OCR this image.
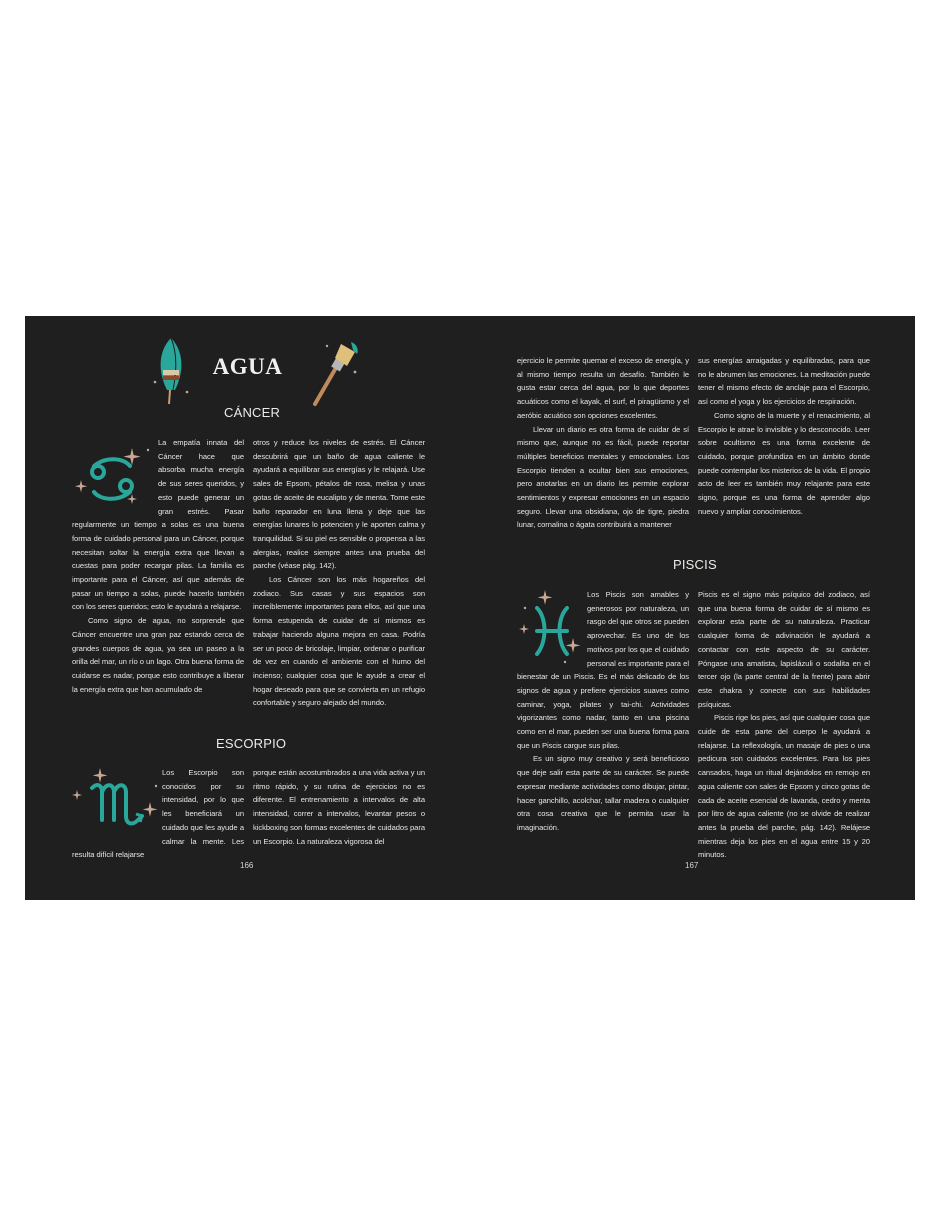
AGUA
CÁNCER

La empatía innata del Cáncer hace que absorba mucha energía de sus seres queridos, y esto puede generar un gran estrés. Pasar regularmente un tiempo a solas es una buena forma de cuidado personal para un Cáncer, porque necesitan soltar la energía extra que llevan a cuestas para poder recargar pilas. La familia es importante para el Cáncer, así que además de pasar un tiempo a solas, puede hacerlo también con los seres queridos; esto le ayudará a relajarse.

Como signo de agua, no sorprende que Cáncer encuentre una gran paz estando cerca de grandes cuerpos de agua, ya sea un paseo a la orilla del mar, un río o un lago. Otra buena forma de cuidarse es nadar, porque esto contribuye a liberar la energía extra que han acumulado de

otros y reduce los niveles de estrés. El Cáncer descubrirá que un baño de agua caliente le ayudará a equilibrar sus energías y le relajará. Use sales de Epsom, pétalos de rosa, melisa y unas gotas de aceite de eucalipto y de menta. Tome este baño reparador en luna llena y deje que las energías lunares lo potencien y le aporten calma y tranquilidad. Si su piel es sensible o propensa a las alergias, realice siempre antes una prueba del parche (véase pág. 142).

Los Cáncer son los más hogareños del zodiaco. Sus casas y sus espacios son increíblemente importantes para ellos, así que una forma estupenda de cuidar de sí mismos es trabajar haciendo alguna mejora en casa. Podría ser un poco de bricolaje, limpiar, ordenar o purificar de vez en cuando el ambiente con el humo del incienso; cualquier cosa que le ayude a crear el hogar deseado para que se convierta en un refugio confortable y seguro alejado del mundo.

ESCORPIO

Los Escorpio son conocidos por su intensidad, por lo que les beneficiará un cuidado que les ayude a calmar la mente. Les resulta difícil relajarse

porque están acostumbrados a una vida activa y un ritmo rápido, y su rutina de ejercicios no es diferente. El entrenamiento a intervalos de alta intensidad, correr a intervalos, levantar pesos o kickboxing son formas excelentes de cuidados para un Escorpio. La naturaleza vigorosa del

166

ejercicio le permite quemar el exceso de energía, y al mismo tiempo resulta un desafío. También le gusta estar cerca del agua, por lo que deportes acuáticos como el kayak, el surf, el piragüismo y el aeróbic acuático son opciones excelentes.

Llevar un diario es otra forma de cuidar de sí mismo que, aunque no es fácil, puede reportar múltiples beneficios mentales y emocionales. Los Escorpio tienden a ocultar bien sus emociones, pero anotarlas en un diario les permite explorar sentimientos y expresar emociones en un espacio seguro. Llevar una obsidiana, ojo de tigre, piedra lunar, cornalina o ágata contribuirá a mantener

sus energías arraigadas y equilibradas, para que no le abrumen las emociones. La meditación puede tener el mismo efecto de anclaje para el Escorpio, así como el yoga y los ejercicios de respiración.

Como signo de la muerte y el renacimiento, al Escorpio le atrae lo invisible y lo desconocido. Leer sobre ocultismo es una forma excelente de cuidado, porque profundiza en un ámbito donde puede contemplar los misterios de la vida. El propio acto de leer es también muy relajante para este signo, porque es una forma de aprender algo nuevo y ampliar conocimientos.

PISCIS

Los Piscis son amables y generosos por naturaleza, un rasgo del que otros se pueden aprovechar. Es uno de los motivos por los que el cuidado personal es importante para el bienestar de un Piscis. Es el más delicado de los signos de agua y prefiere ejercicios suaves como caminar, yoga, pilates y tai-chi. Actividades vigorizantes como nadar, tanto en una piscina como en el mar, pueden ser una buena forma para que un Piscis cargue sus pilas.

Es un signo muy creativo y será beneficioso que deje salir esta parte de su carácter. Se puede expresar mediante actividades como dibujar, pintar, hacer ganchillo, acolchar, tallar madera o cualquier otra cosa creativa que le permita usar la imaginación.

Piscis es el signo más psíquico del zodiaco, así que una buena forma de cuidar de sí mismo es explorar esta parte de su naturaleza. Practicar cualquier forma de adivinación le ayudará a contactar con este aspecto de su carácter. Póngase una amatista, lapislázuli o sodalita en el tercer ojo (la parte central de la frente) para abrir este chakra y conecte con sus habilidades psíquicas.

Piscis rige los pies, así que cualquier cosa que cuide de esta parte del cuerpo le ayudará a relajarse. La reflexología, un masaje de pies o una pedicura son cuidados excelentes. Para los pies cansados, haga un ritual dejándolos en remojo en agua caliente con sales de Epsom y cinco gotas de cada de aceite esencial de lavanda, cedro y menta por litro de agua caliente (no se olvide de realizar antes la prueba del parche, pág. 142). Relájese mientras deja los pies en el agua entre 15 y 20 minutos.

167
